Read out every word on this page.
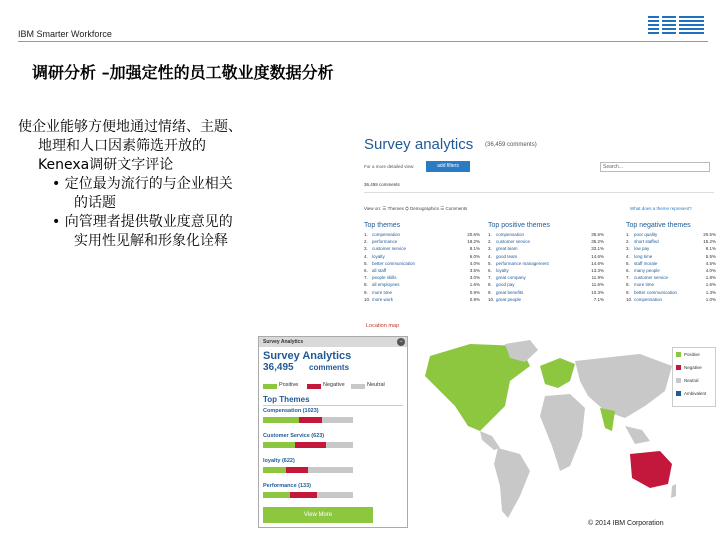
IBM Smarter Workforce
调研分析 –加强定性的员工敬业度数据分析
使企业能够方便地通过情绪、主题、
地理和人口因素筛选开放的
Kenexa调研文字评论
• 定位最为流行的与企业相关
的话题
• 向管理者提供敬业度意见的
实用性见解和形象化诠释
Survey analytics (36,459 comments)
For a more detailed view:	add filters	Search...
36,459 comments
View on: ☰ Themes ⛭ Demographics ☰ Comments	What does a theme represent?
Top themes
1. compensation	20.6%
2. performance	18.2%
3. customer service	8.1%
4. loyalty	6.0%
5. better communication	4.0%
6. all staff	3.5%
7. people skills	3.0%
8. all employees	1.6%
9. more time	0.9%
10. more work	0.9%
Top positive themes
1. compensation	35.6%
2. customer service	35.2%
3. great team	33.1%
4. good team	14.6%
5. performance management	14.6%
6. loyalty	13.3%
7. great company	11.9%
8. good pay	11.6%
9. great benefits	10.3%
10. great people	7.1%
Top negative themes
1. poor quality	20.5%
2. short staffed	15.2%
3. low pay	8.1%
4. long time	5.5%
5. staff morale	4.5%
6. many people	4.0%
7. customer service	1.8%
8. more time	1.6%
9. better communication	1.3%
10. compensation	1.0%
Location map
Positive
Negative
Neutral
Ambivalent
Survey Analytics	−
Survey Analytics
36,495 comments
Positive	Negative	Neutral
Top Themes
Compensation (1023)
Customer Service (623)
loyalty (622)
Performance (133)
View More
© 2014 IBM Corporation
